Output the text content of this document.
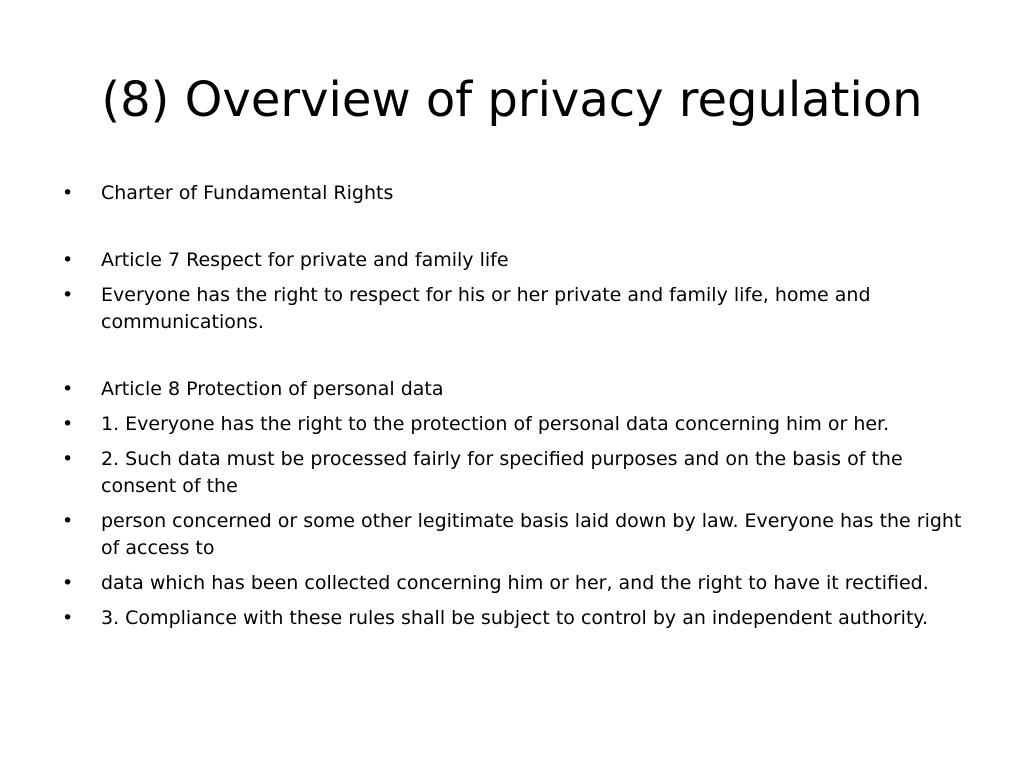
(8) Overview of privacy regulation
•	Charter of Fundamental Rights
•	Article 7 Respect for private and family life
•	Everyone has the right to respect for his or her private and family life, home and communications.
•	Article 8 Protection of personal data
•	1. Everyone has the right to the protection of personal data concerning him or her.
•	2. Such data must be processed fairly for specified purposes and on the basis of the consent of the
•	person concerned or some other legitimate basis laid down by law. Everyone has the right of access to
•	data which has been collected concerning him or her, and the right to have it rectified.
•	3. Compliance with these rules shall be subject to control by an independent authority.
